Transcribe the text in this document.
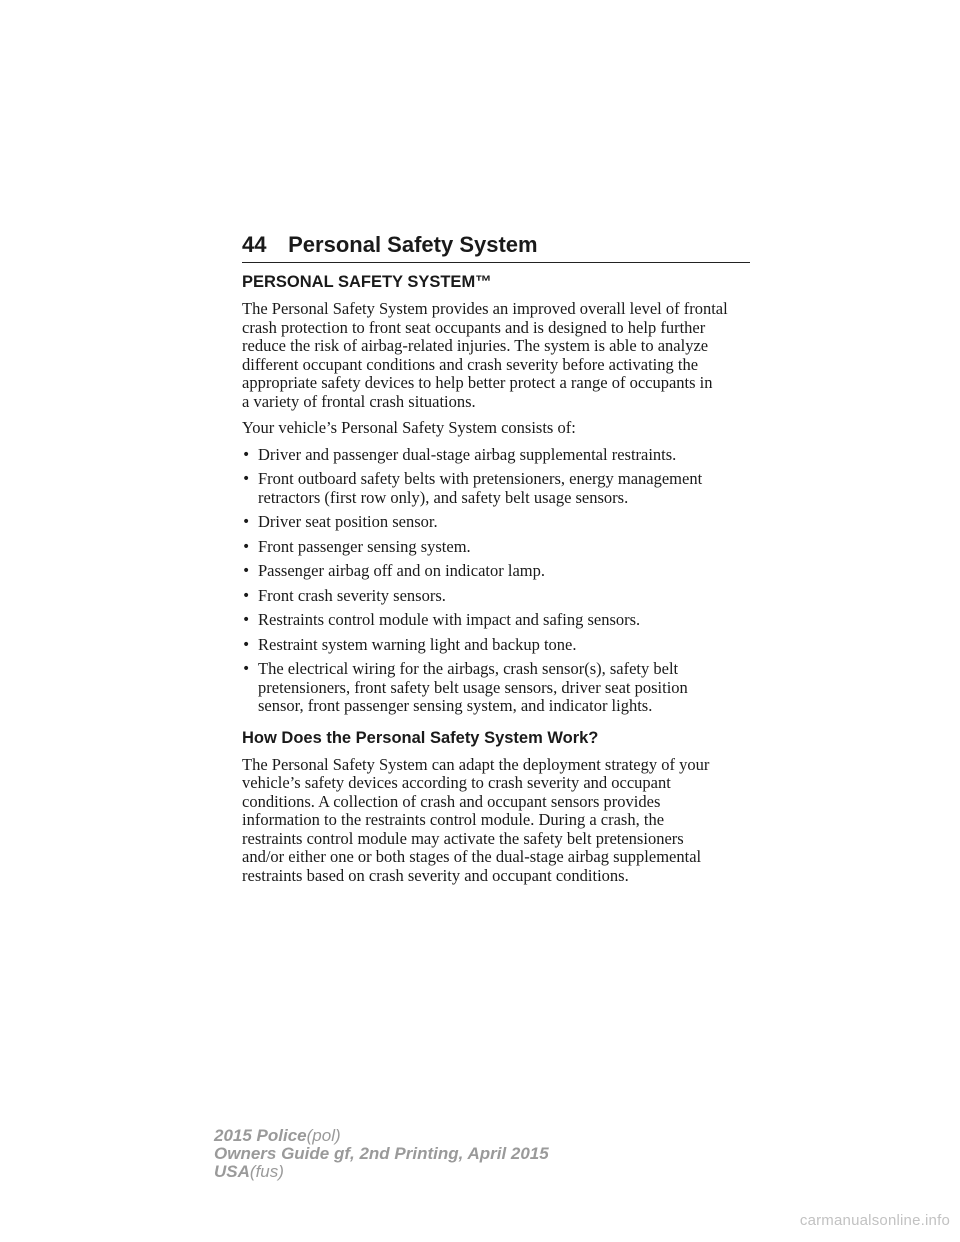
44 Personal Safety System
PERSONAL SAFETY SYSTEM™

The Personal Safety System provides an improved overall level of frontal
crash protection to front seat occupants and is designed to help further
reduce the risk of airbag-related injuries. The system is able to analyze
different occupant conditions and crash severity before activating the
appropriate safety devices to help better protect a range of occupants in
a variety of frontal crash situations.

Your vehicle’s Personal Safety System consists of:

• Driver and passenger dual-stage airbag supplemental restraints.
• Front outboard safety belts with pretensioners, energy management
retractors (first row only), and safety belt usage sensors.
• Driver seat position sensor.
• Front passenger sensing system.
• Passenger airbag off and on indicator lamp.
• Front crash severity sensors.
• Restraints control module with impact and safing sensors.
• Restraint system warning light and backup tone.
• The electrical wiring for the airbags, crash sensor(s), safety belt
pretensioners, front safety belt usage sensors, driver seat position
sensor, front passenger sensing system, and indicator lights.
How Does the Personal Safety System Work?

The Personal Safety System can adapt the deployment strategy of your
vehicle’s safety devices according to crash severity and occupant
conditions. A collection of crash and occupant sensors provides
information to the restraints control module. During a crash, the
restraints control module may activate the safety belt pretensioners
and/or either one or both stages of the dual-stage airbag supplemental
restraints based on crash severity and occupant conditions.

2015 Police(pol)
Owners Guide gf, 2nd Printing, April 2015
USA(fus)
carmanualsonline.info
